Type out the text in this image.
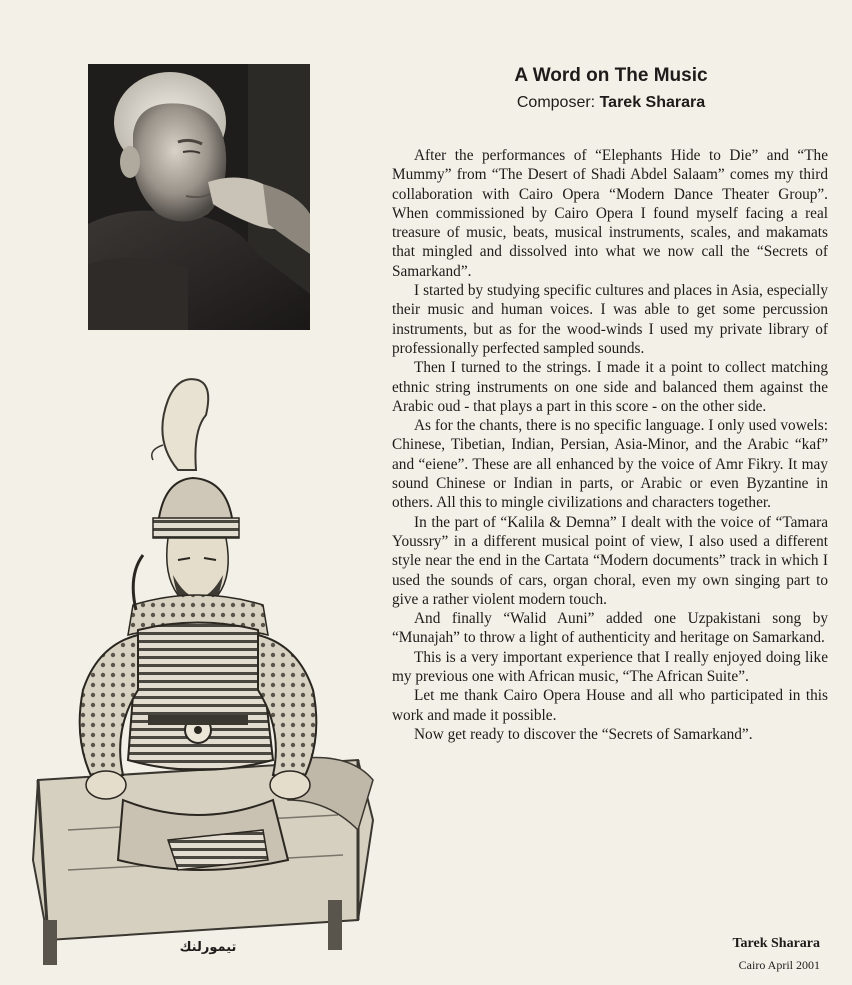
تيمورلنك
A Word on The Music
Composer: Tarek Sharara

After the performances of “Elephants Hide to Die” and “The Mummy” from “The Desert of Shadi Abdel Salaam” comes my third collaboration with Cairo Opera “Modern Dance Theater Group”. When commissioned by Cairo Opera I found myself facing a real treasure of music, beats, musical instruments, scales, and makamats that mingled and dissolved into what we now call the “Secrets of Samarkand”.

I started by studying specific cultures and places in Asia, especially their music and human voices. I was able to get some percussion instruments, but as for the wood-winds I used my private library of professionally perfected sampled sounds.

Then I turned to the strings. I made it a point to collect matching ethnic string instruments on one side and balanced them against the Arabic oud - that plays a part in this score - on the other side.

As for the chants, there is no specific language. I only used vowels: Chinese, Tibetian, Indian, Persian, Asia-Minor, and the Arabic “kaf” and “eiene”. These are all enhanced by the voice of Amr Fikry. It may sound Chinese or Indian in parts, or Arabic or even Byzantine in others. All this to mingle civilizations and characters together.

In the part of “Kalila & Demna” I dealt with the voice of “Tamara Youssry” in a different musical point of view, I also used a different style near the end in the Cartata “Modern documents” track in which I used the sounds of cars, organ choral, even my own singing part to give a rather violent modern touch.

And finally “Walid Auni” added one Uzpakistani song by “Munajah” to throw a light of authenticity and heritage on Samarkand.

This is a very important experience that I really enjoyed doing like my previous one with African music, “The African Suite”.

Let me thank Cairo Opera House and all who participated in this work and made it possible.

Now get ready to discover the “Secrets of Samarkand”.

Tarek Sharara
Cairo April 2001
